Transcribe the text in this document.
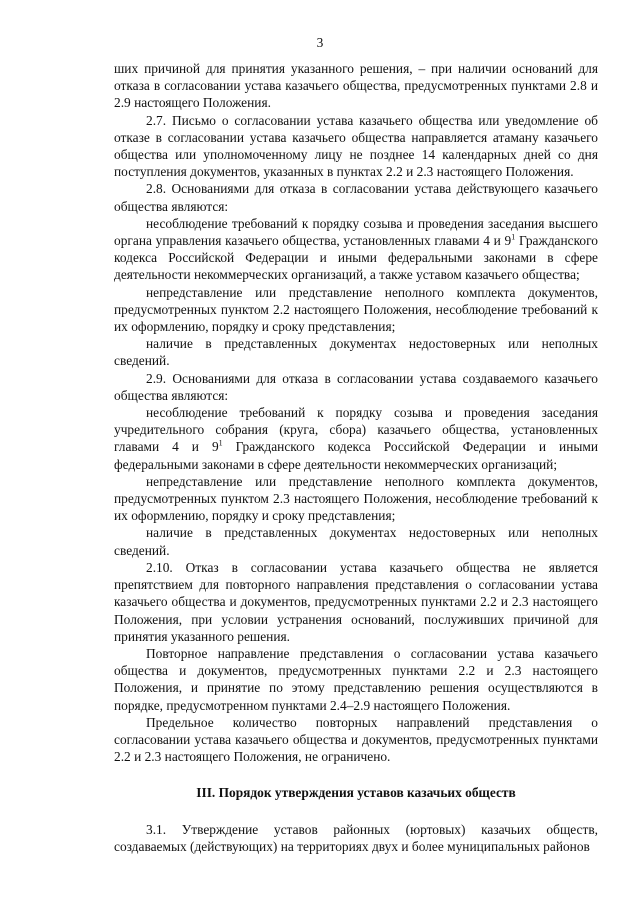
3

шиx причиной для принятия указанного решения, – при наличии оснований для отказа в согласовании устава казачьего общества, предусмотренных пунктами 2.8 и 2.9 настоящего Положения.

2.7. Письмо о согласовании устава казачьего общества или уведомление об отказе в согласовании устава казачьего общества направляется атаману казачьего общества или уполномоченному лицу не позднее 14 календарных дней со дня поступления документов, указанных в пунктах 2.2 и 2.3 настоящего Положения.

2.8. Основаниями для отказа в согласовании устава действующего казачьего общества являются:

несоблюдение требований к порядку созыва и проведения заседания высшего органа управления казачьего общества, установленных главами 4 и $9^1$ Гражданского кодекса Российской Федерации и иными федеральными законами в сфере деятельности некоммерческих организаций, а также уставом казачьего общества;

непредставление или представление неполного комплекта документов, предусмотренных пунктом 2.2 настоящего Положения, несоблюдение требований к их оформлению, порядку и сроку представления;

наличие в представленных документах недостоверных или неполных сведений.

2.9. Основаниями для отказа в согласовании устава создаваемого казачьего общества являются:

несоблюдение требований к порядку созыва и проведения заседания учредительного собрания (круга, сбора) казачьего общества, установленных главами 4 и $9^1$ Гражданского кодекса Российской Федерации и иными федеральными законами в сфере деятельности некоммерческих организаций;

непредставление или представление неполного комплекта документов, предусмотренных пунктом 2.3 настоящего Положения, несоблюдение требований к их оформлению, порядку и сроку представления;

наличие в представленных документах недостоверных или неполных сведений.

2.10. Отказ в согласовании устава казачьего общества не является препятствием для повторного направления представления о согласовании устава казачьего общества и документов, предусмотренных пунктами 2.2 и 2.3 настоящего Положения, при условии устранения оснований, послуживших причиной для принятия указанного решения.

Повторное направление представления о согласовании устава казачьего общества и документов, предусмотренных пунктами 2.2 и 2.3 настоящего Положения, и принятие по этому представлению решения осуществляются в порядке, предусмотренном пунктами 2.4–2.9 настоящего Положения.

Предельное количество повторных направлений представления о согласовании устава казачьего общества и документов, предусмотренных пунктами 2.2 и 2.3 настоящего Положения, не ограничено.

III. Порядок утверждения уставов казачьих обществ

3.1. Утверждение уставов районных (юртовых) казачьих обществ, создаваемых (действующих) на территориях двух и более муниципальных районов
